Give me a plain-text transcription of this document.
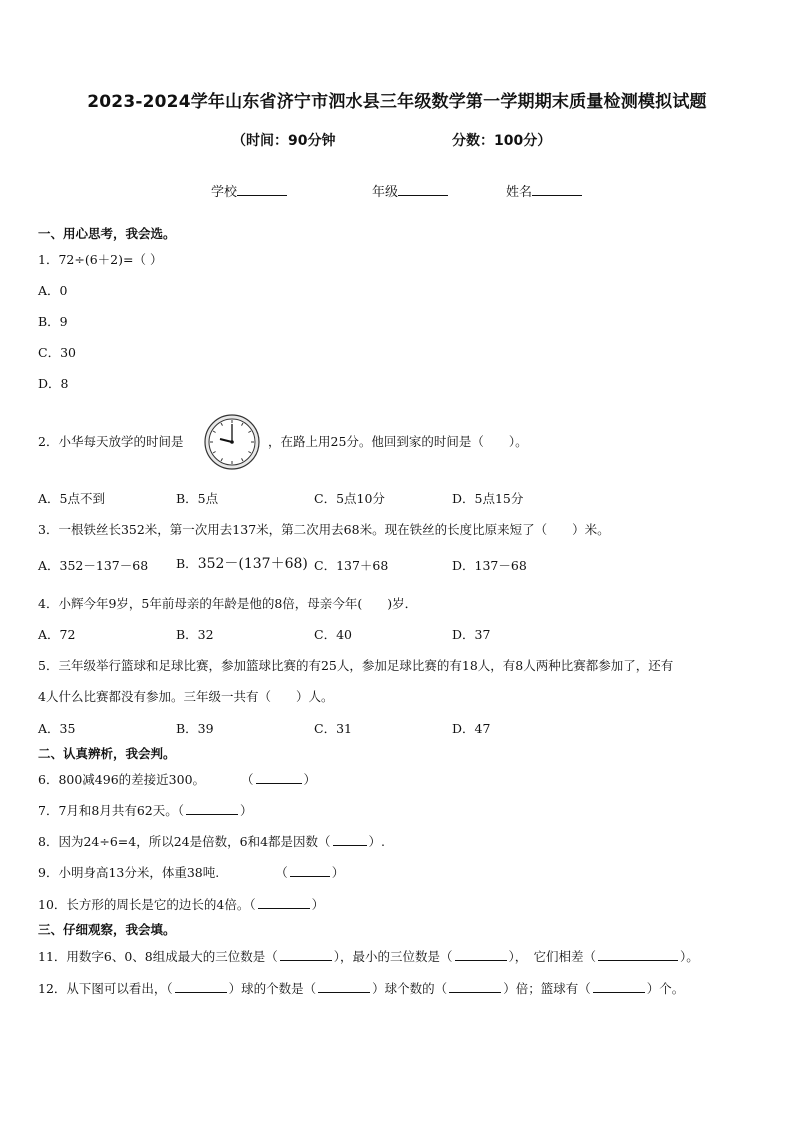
2023-2024学年山东省济宁市泗水县三年级数学第一学期期末质量检测模拟试题
（时间：90分钟	分数：100分）
学校	年级	姓名
一、用心思考，我会选。
1．72÷(6＋2)=（ ）
A．0
B．9
C．30
D．8
2．小华每天放学的时间是	，在路上用25分。他回到家的时间是（　　）。
A．5点不到	B．5点	C．5点10分	D．5点15分
3．一根铁丝长352米，第一次用去137米，第二次用去68米。现在铁丝的长度比原来短了（　　）米。
A．352－137－68 B．352－(137＋68) C．137＋68	D．137－68
4．小辉今年9岁，5年前母亲的年龄是他的8倍，母亲今年(　　)岁．
A．72	B．32	C．40	D．37
5．三年级举行篮球和足球比赛，参加篮球比赛的有25人，参加足球比赛的有18人，有8人两种比赛都参加了，还有
4人什么比赛都没有参加。三年级一共有（　　）人。
A．35	B．39	C．31	D．47
二、认真辨析，我会判。
6．800减496的差接近300。	（	）
7．7月和8月共有62天。（	）
8．因为24÷6=4，所以24是倍数，6和4都是因数（	）.
9．小明身高13分米，体重38吨.	（	）
10．长方形的周长是它的边长的4倍。（	）
三、仔细观察，我会填。
11．用数字6、0、8组成最大的三位数是（	），最小的三位数是（	），　它们相差（	）。
12．从下图可以看出，（	）球的个数是（	）球个数的（	）倍；篮球有（	）个。
